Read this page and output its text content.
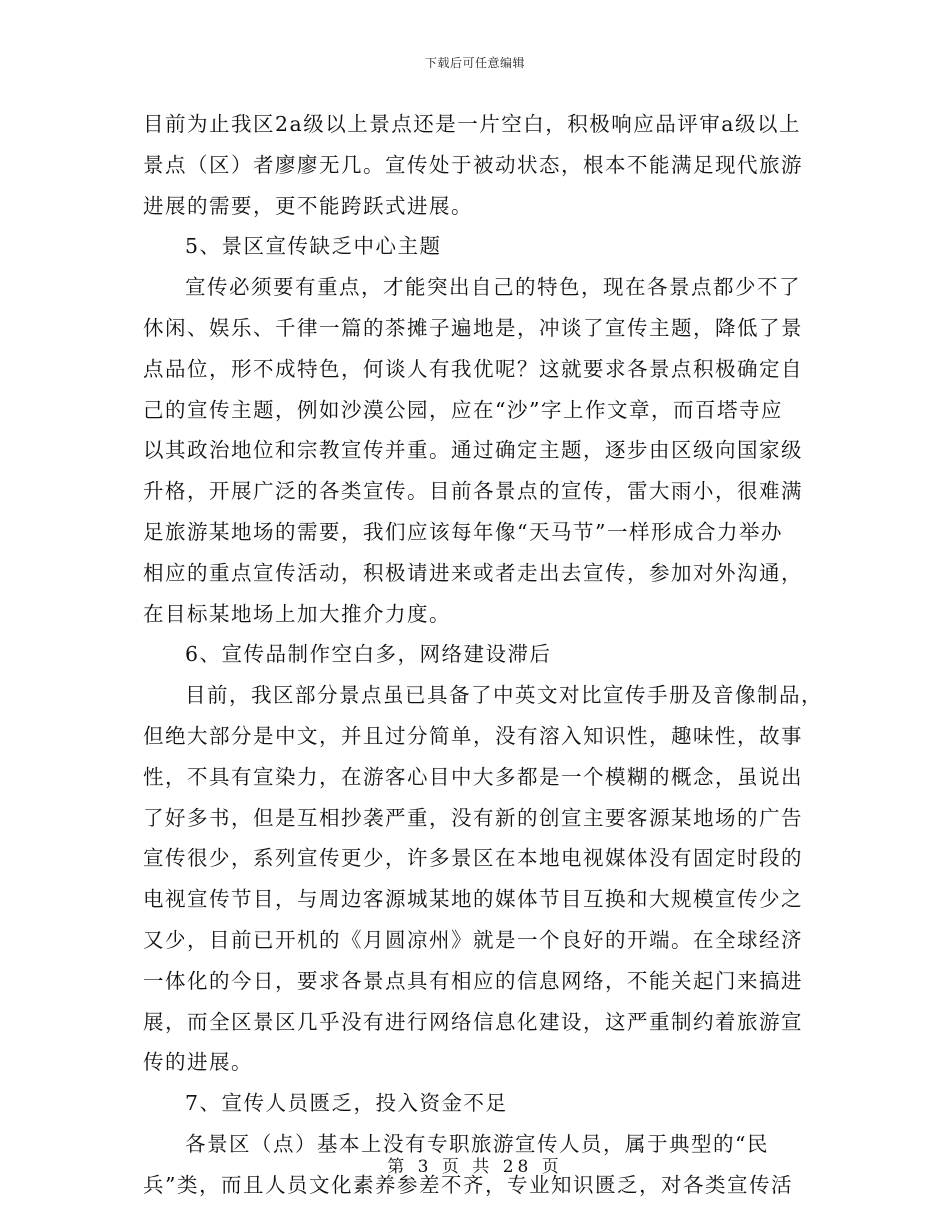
下载后可任意编辑
目前为止我区2a级以上景点还是一片空白，积极响应品评审a级以上
景点（区）者廖廖无几。宣传处于被动状态，根本不能满足现代旅游
进展的需要，更不能跨跃式进展。
5、景区宣传缺乏中心主题
宣传必须要有重点，才能突出自己的特色，现在各景点都少不了
休闲、娱乐、千律一篇的茶摊子遍地是，冲谈了宣传主题，降低了景
点品位，形不成特色，何谈人有我优呢？这就要求各景点积极确定自
己的宣传主题，例如沙漠公园，应在“沙”字上作文章，而百塔寺应
以其政治地位和宗教宣传并重。通过确定主题，逐步由区级向国家级
升格，开展广泛的各类宣传。目前各景点的宣传，雷大雨小，很难满
足旅游某地场的需要，我们应该每年像“天马节”一样形成合力举办
相应的重点宣传活动，积极请进来或者走出去宣传，参加对外沟通，
在目标某地场上加大推介力度。
6、宣传品制作空白多，网络建设滞后
目前，我区部分景点虽已具备了中英文对比宣传手册及音像制品，
但绝大部分是中文，并且过分简单，没有溶入知识性，趣味性，故事
性，不具有宣染力，在游客心目中大多都是一个模糊的概念，虽说出
了好多书，但是互相抄袭严重，没有新的创宣主要客源某地场的广告
宣传很少，系列宣传更少，许多景区在本地电视媒体没有固定时段的
电视宣传节目，与周边客源城某地的媒体节目互换和大规模宣传少之
又少，目前已开机的《月圆凉州》就是一个良好的开端。在全球经济
一体化的今日，要求各景点具有相应的信息网络，不能关起门来搞进
展，而全区景区几乎没有进行网络信息化建设，这严重制约着旅游宣
传的进展。
7、宣传人员匮乏，投入资金不足
各景区（点）基本上没有专职旅游宣传人员，属于典型的“民
兵”类，而且人员文化素养参差不齐，专业知识匮乏，对各类宣传活
第 3 页 共 28 页
